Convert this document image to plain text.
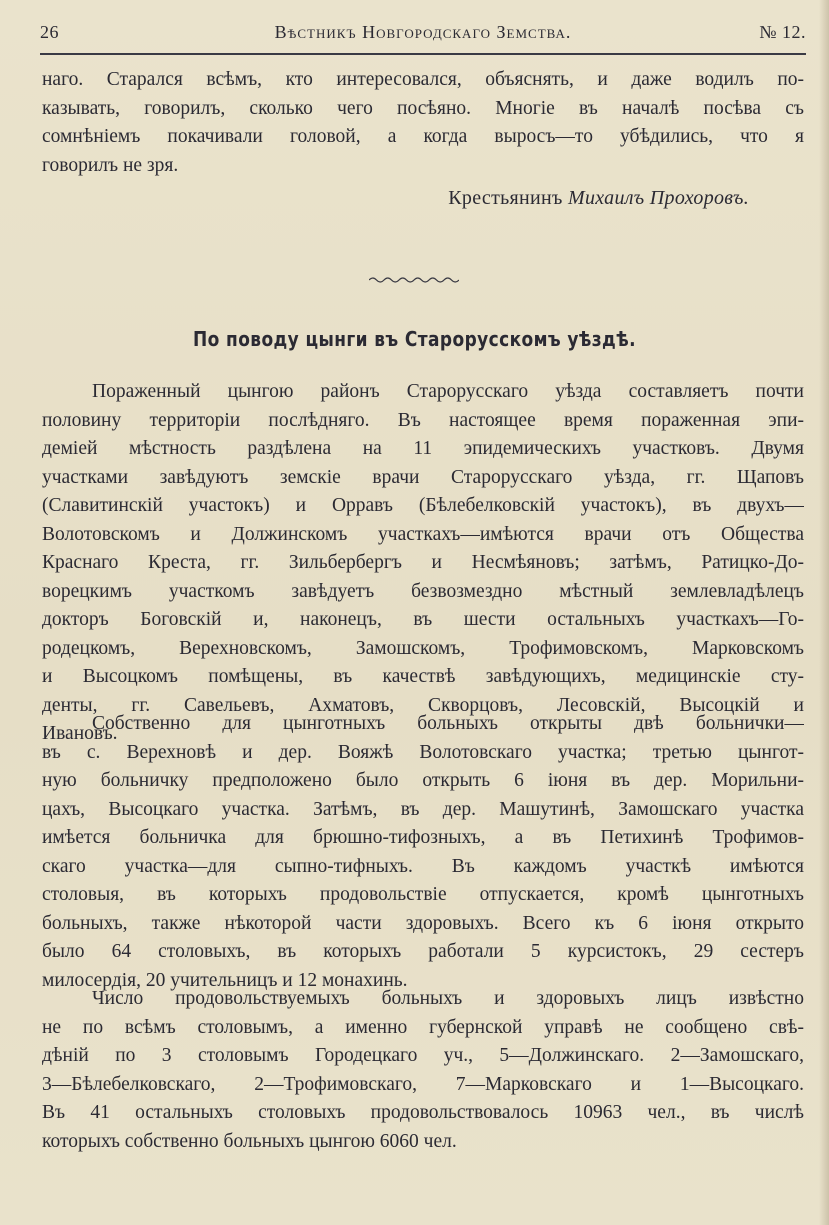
26	Вѣстникъ Новгородскаго Земства.	№ 12.
наго. Старался всѣмъ, кто интересовался, объяснять, и даже водилъ по-
казывать, говорилъ, сколько чего посѣяно. Многіе въ началѣ посѣва съ
сомнѣніемъ покачивали головой, а когда выросъ—то убѣдились, что я
говорилъ не зря.
Крестьянинъ Михаилъ Прохоровъ.
По поводу цынги въ Старорусскомъ уѣздѣ.
Пораженный цынгою районъ Старорусскаго уѣзда составляетъ почти
половину территоріи послѣдняго. Въ настоящее время пораженная эпи-
деміей мѣстность раздѣлена на 11 эпидемическихъ участковъ. Двумя
участками завѣдуютъ земскіе врачи Старорусскаго уѣзда, гг. Щаповъ
(Славитинскій участокъ) и Орравъ (Бѣлебелковскій участокъ), въ двухъ—
Волотовскомъ и Должинскомъ участкахъ—имѣются врачи отъ Общества
Краснаго Креста, гг. Зильбербергъ и Несмѣяновъ; затѣмъ, Ратицко-До-
ворецкимъ участкомъ завѣдуетъ безвозмездно мѣстный землевладѣлецъ
докторъ Боговскій и, наконецъ, въ шести остальныхъ участкахъ—Го-
родецкомъ, Верехновскомъ, Замошскомъ, Трофимовскомъ, Марковскомъ
и Высоцкомъ помѣщены, въ качествѣ завѣдующихъ, медицинскіе сту-
денты, гг. Савельевъ, Ахматовъ, Скворцовъ, Лесовскій, Высоцкій и
Ивановъ.
Собственно для цынготныхъ больныхъ открыты двѣ больнички—
въ с. Верехновѣ и дер. Вояжѣ Волотовскаго участка; третью цынгот-
ную больничку предположено было открыть 6 іюня въ дер. Морильни-
цахъ, Высоцкаго участка. Затѣмъ, въ дер. Машутинѣ, Замошскаго участка
имѣется больничка для брюшно-тифозныхъ, а въ Петихинѣ Трофимов-
скаго участка—для сыпно-тифныхъ. Въ каждомъ участкѣ имѣются
столовыя, въ которыхъ продовольствіе отпускается, кромѣ цынготныхъ
больныхъ, также нѣкоторой части здоровыхъ. Всего къ 6 іюня открыто
было 64 столовыхъ, въ которыхъ работали 5 курсистокъ, 29 сестеръ
милосердія, 20 учительницъ и 12 монахинь.
Число продовольствуемыхъ больныхъ и здоровыхъ лицъ извѣстно
не по всѣмъ столовымъ, а именно губернской управѣ не сообщено свѣ-
дѣній по 3 столовымъ Городецкаго уч., 5—Должинскаго. 2—Замошскаго,
3—Бѣлебелковскаго, 2—Трофимовскаго, 7—Марковскаго и 1—Высоцкаго.
Въ 41 остальныхъ столовыхъ продовольствовалось 10963 чел., въ числѣ
которыхъ собственно больныхъ цынгою 6060 чел.
